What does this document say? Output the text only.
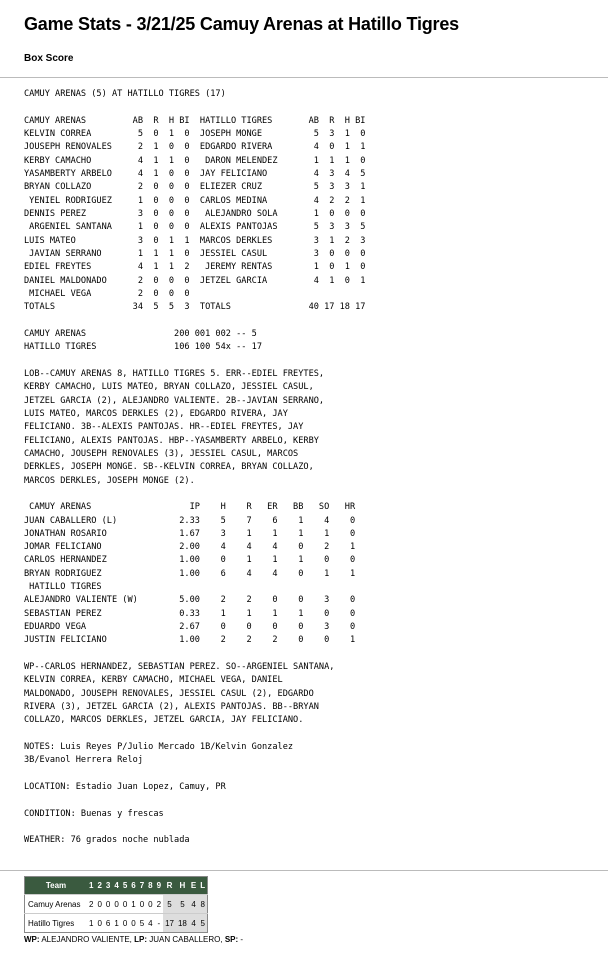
Game Stats - 3/21/25 Camuy Arenas at Hatillo Tigres
Box Score
CAMUY ARENAS (5) AT HATILLO TIGRES (17)

CAMUY ARENAS         AB  R  H BI  HATILLO TIGRES       AB  R  H BI
KELVIN CORREA         5  0  1  0  JOSEPH MONGE          5  3  1  0
JOUSEPH RENOVALES     2  1  0  0  EDGARDO RIVERA        4  0  1  1
KERBY CAMACHO         4  1  1  0   DARON MELENDEZ       1  1  1  0
YASAMBERTY ARBELO     4  1  0  0  JAY FELICIANO         4  3  4  5
BRYAN COLLAZO         2  0  0  0  ELIEZER CRUZ          5  3  3  1
YENIEL RODRIGUEZ     1  0  0  0  CARLOS MEDINA         4  2  2  1
DENNIS PEREZ          3  0  0  0   ALEJANDRO SOLA       1  0  0  0
ARGENIEL SANTANA     1  0  0  0  ALEXIS PANTOJAS       5  3  3  5
LUIS MATEO            3  0  1  1  MARCOS DERKLES        3  1  2  3
JAVIAN SERRANO       1  1  1  0  JESSIEL CASUL         3  0  0  0
EDIEL FREYTES         4  1  1  2   JEREMY RENTAS        1  0  1  0
DANIEL MALDONADO      2  0  0  0  JETZEL GARCIA         4  1  0  1
MICHAEL VEGA         2  0  0  0
TOTALS               34  5  5  3  TOTALS               40 17 18 17

CAMUY ARENAS                 200 001 002 -- 5
HATILLO TIGRES               106 100 54x -- 17

LOB--CAMUY ARENAS 8, HATILLO TIGRES 5. ERR--EDIEL FREYTES,
KERBY CAMACHO, LUIS MATEO, BRYAN COLLAZO, JESSIEL CASUL,
JETZEL GARCIA (2), ALEJANDRO VALIENTE. 2B--JAVIAN SERRANO,
LUIS MATEO, MARCOS DERKLES (2), EDGARDO RIVERA, JAY
FELICIANO. 3B--ALEXIS PANTOJAS. HR--EDIEL FREYTES, JAY
FELICIANO, ALEXIS PANTOJAS. HBP--YASAMBERTY ARBELO, KERBY
CAMACHO, JOUSEPH RENOVALES (3), JESSIEL CASUL, MARCOS
DERKLES, JOSEPH MONGE. SB--KELVIN CORREA, BRYAN COLLAZO,
MARCOS DERKLES, JOSEPH MONGE (2).

CAMUY ARENAS                   IP    H    R   ER   BB   SO   HR
JUAN CABALLERO (L)            2.33    5    7    6    1    4    0
JONATHAN ROSARIO              1.67    3    1    1    1    1    0
JOMAR FELICIANO               2.00    4    4    4    0    2    1
CARLOS HERNANDEZ              1.00    0    1    1    1    0    0
BRYAN RODRIGUEZ               1.00    6    4    4    0    1    1
HATILLO TIGRES
ALEJANDRO VALIENTE (W)        5.00    2    2    0    0    3    0
SEBASTIAN PEREZ               0.33    1    1    1    1    0    0
EDUARDO VEGA                  2.67    0    0    0    0    3    0
JUSTIN FELICIANO              1.00    2    2    2    0    0    1

WP--CARLOS HERNANDEZ, SEBASTIAN PEREZ. SO--ARGENIEL SANTANA,
KELVIN CORREA, KERBY CAMACHO, MICHAEL VEGA, DANIEL
MALDONADO, JOUSEPH RENOVALES, JESSIEL CASUL (2), EDGARDO
RIVERA (3), JETZEL GARCIA (2), ALEXIS PANTOJAS. BB--BRYAN
COLLAZO, MARCOS DERKLES, JETZEL GARCIA, JAY FELICIANO.

NOTES: Luis Reyes P/Julio Mercado 1B/Kelvin Gonzalez
3B/Evanol Herrera Reloj

LOCATION: Estadio Juan Lopez, Camuy, PR

CONDITION: Buenas y frescas

WEATHER: 76 grados noche nublada
Team	1	2	3	4	5	6	7	8	9	R	H	E	L
Camuy Arenas	2	0	0	0	0	1	0	0	2	5	5	4	8
Hatillo Tigres	1	0	6	1	0	0	5	4	-	17	18	4	5
WP: ALEJANDRO VALIENTE, LP: JUAN CABALLERO, SP: -
